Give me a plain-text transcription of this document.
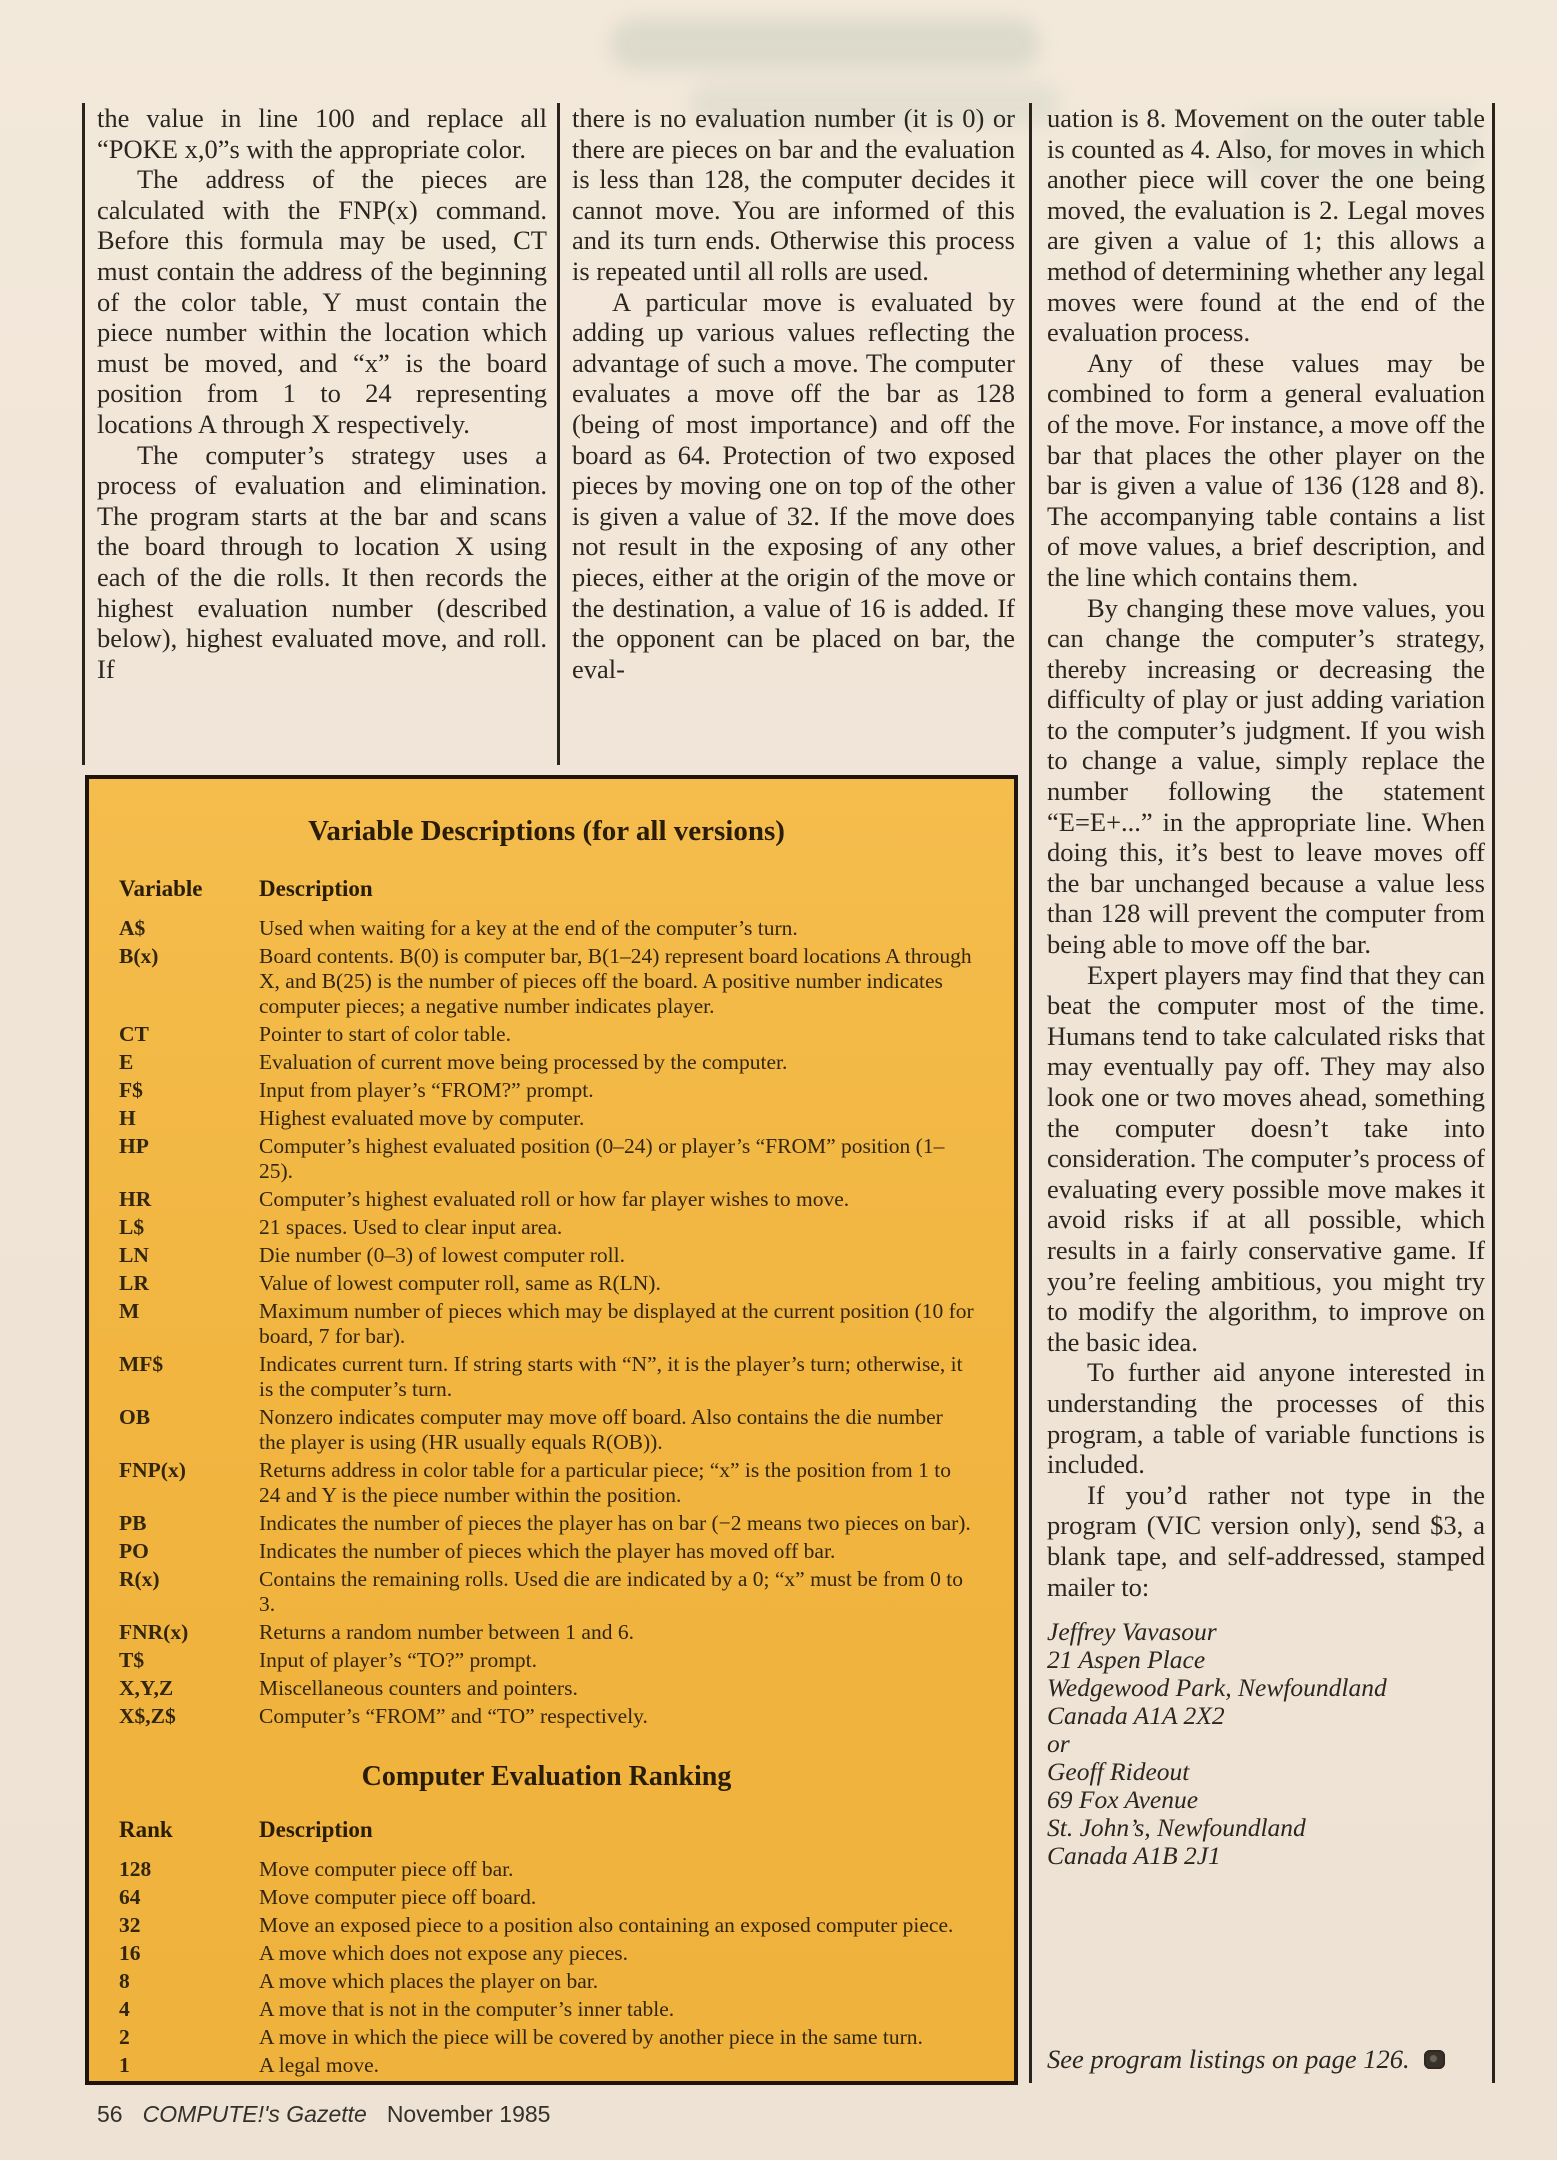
the value in line 100 and replace all “POKE x,0”s with the appropriate color.

The address of the pieces are calculated with the FNP(x) command. Before this formula may be used, CT must contain the address of the beginning of the color table, Y must contain the piece number within the location which must be moved, and “x” is the board position from 1 to 24 representing locations A through X respectively.

The computer’s strategy uses a process of evaluation and elimination. The program starts at the bar and scans the board through to location X using each of the die rolls. It then records the highest evaluation number (described below), highest evaluated move, and roll. If

there is no evaluation number (it is 0) or there are pieces on bar and the evaluation is less than 128, the computer decides it cannot move. You are informed of this and its turn ends. Otherwise this process is repeated until all rolls are used.

A particular move is evaluated by adding up various values reflecting the advantage of such a move. The computer evaluates a move off the bar as 128 (being of most importance) and off the board as 64. Protection of two exposed pieces by moving one on top of the other is given a value of 32. If the move does not result in the exposing of any other pieces, either at the origin of the move or the destination, a value of 16 is added. If the opponent can be placed on bar, the eval-

uation is 8. Movement on the outer table is counted as 4. Also, for moves in which another piece will cover the one being moved, the evaluation is 2. Legal moves are given a value of 1; this allows a method of determining whether any legal moves were found at the end of the evaluation process.

Any of these values may be combined to form a general evaluation of the move. For instance, a move off the bar that places the other player on the bar is given a value of 136 (128 and 8). The accompanying table contains a list of move values, a brief description, and the line which contains them.

By changing these move values, you can change the computer’s strategy, thereby increasing or decreasing the difficulty of play or just adding variation to the computer’s judgment. If you wish to change a value, simply replace the number following the statement “E=E+...” in the appropriate line. When doing this, it’s best to leave moves off the bar unchanged because a value less than 128 will prevent the computer from being able to move off the bar.

Expert players may find that they can beat the computer most of the time. Humans tend to take calculated risks that may eventually pay off. They may also look one or two moves ahead, something the computer doesn’t take into consideration. The computer’s process of evaluating every possible move makes it avoid risks if at all possible, which results in a fairly conservative game. If you’re feeling ambitious, you might try to modify the algorithm, to improve on the basic idea.

To further aid anyone interested in understanding the processes of this program, a table of variable functions is included.

If you’d rather not type in the program (VIC version only), send $3, a blank tape, and self-addressed, stamped mailer to:

Jeffrey Vavasour
21 Aspen Place
Wedgewood Park, Newfoundland
Canada A1A 2X2
or
Geoff Rideout
69 Fox Avenue
St. John’s, Newfoundland
Canada A1B 2J1
See program listings on page 126.
Variable Descriptions (for all versions)
Variable	Description
A$	Used when waiting for a key at the end of the computer’s turn.
B(x)	Board contents. B(0) is computer bar, B(1–24) represent board locations A through X, and B(25) is the number of pieces off the board. A positive number indicates computer pieces; a negative number indicates player.
CT	Pointer to start of color table.
E	Evaluation of current move being processed by the computer.
F$	Input from player’s “FROM?” prompt.
H	Highest evaluated move by computer.
HP	Computer’s highest evaluated position (0–24) or player’s “FROM” position (1–25).
HR	Computer’s highest evaluated roll or how far player wishes to move.
L$	21 spaces. Used to clear input area.
LN	Die number (0–3) of lowest computer roll.
LR	Value of lowest computer roll, same as R(LN).
M	Maximum number of pieces which may be displayed at the current position (10 for board, 7 for bar).
MF$	Indicates current turn. If string starts with “N”, it is the player’s turn; otherwise, it is the computer’s turn.
OB	Nonzero indicates computer may move off board. Also contains the die number the player is using (HR usually equals R(OB)).
FNP(x)	Returns address in color table for a particular piece; “x” is the position from 1 to 24 and Y is the piece number within the position.
PB	Indicates the number of pieces the player has on bar (−2 means two pieces on bar).
PO	Indicates the number of pieces which the player has moved off bar.
R(x)	Contains the remaining rolls. Used die are indicated by a 0; “x” must be from 0 to 3.
FNR(x)	Returns a random number between 1 and 6.
T$	Input of player’s “TO?” prompt.
X,Y,Z	Miscellaneous counters and pointers.
X$,Z$	Computer’s “FROM” and “TO” respectively.
Computer Evaluation Ranking
Rank	Description
128	Move computer piece off bar.
64	Move computer piece off board.
32	Move an exposed piece to a position also containing an exposed computer piece.
16	A move which does not expose any pieces.
8	A move which places the player on bar.
4	A move that is not in the computer’s inner table.
2	A move in which the piece will be covered by another piece in the same turn.
1	A legal move.
56 COMPUTE!'s Gazette November 1985
